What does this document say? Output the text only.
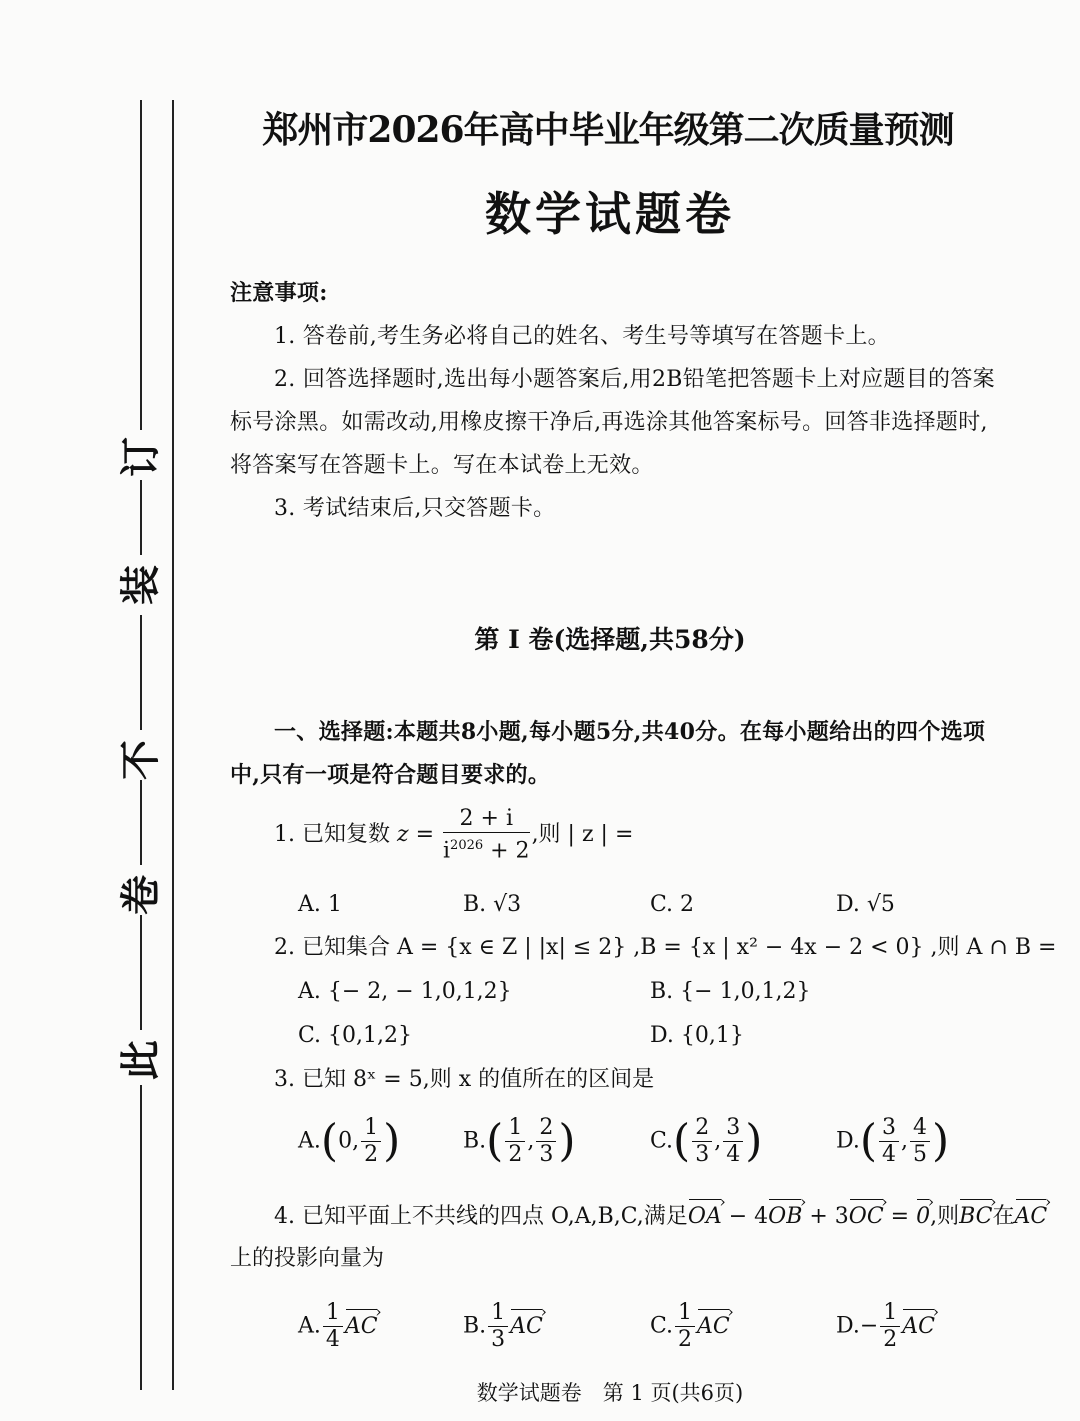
此
卷
不
装
订
郑州市2026年高中毕业年级第二次质量预测
数学试题卷
注意事项:
1. 答卷前,考生务必将自己的姓名、考生号等填写在答题卡上。
2. 回答选择题时,选出每小题答案后,用2B铅笔把答题卡上对应题目的答案标号涂黑。如需改动,用橡皮擦干净后,再选涂其他答案标号。回答非选择题时,将答案写在答题卡上。写在本试卷上无效。
3. 考试结束后,只交答题卡。
第 Ⅰ 卷(选择题,共58分)
一、选择题:本题共8小题,每小题5分,共40分。在每小题给出的四个选项中,只有一项是符合题目要求的。
1. 已知复数 $z = \frac{2 + i}{i^{2026} + 2}$ ,则 | z | =
A. 1	B. √3	C. 2	D. √5
2. 已知集合 A = {x ∈ Z | |x| ≤ 2} ,B = {x | x² − 4x − 2 < 0} ,则 A ∩ B =
A. {− 2, − 1,0,1,2}	B. {− 1,0,1,2}
C. {0,1,2}	D. {0,1}
3. 已知 8ˣ = 5,则 x 的值所在的区间是
A.(0, $\frac{1}{2}$ )	$B.( \frac{1}{2}$ , $\frac{2}{3}$ )	$C.( \frac{2}{3}$ , $\frac{3}{4}$ )	$D.( \frac{3}{4}$ , $\frac{4}{5}$ )
4. 已知平面上不共线的四点 O,A,B,C,满足OA › − 4OB › + 3OC › = 0 ›,则BC ›在AC ›
上的投影向量为
A. $\frac{1}{4}$ AC ›	B. $\frac{1}{3}$ AC ›	C. $\frac{1}{2}$ AC ›	$D.- \frac{1}{2}$ AC ›
数学试题卷　第 1 页(共6页)
